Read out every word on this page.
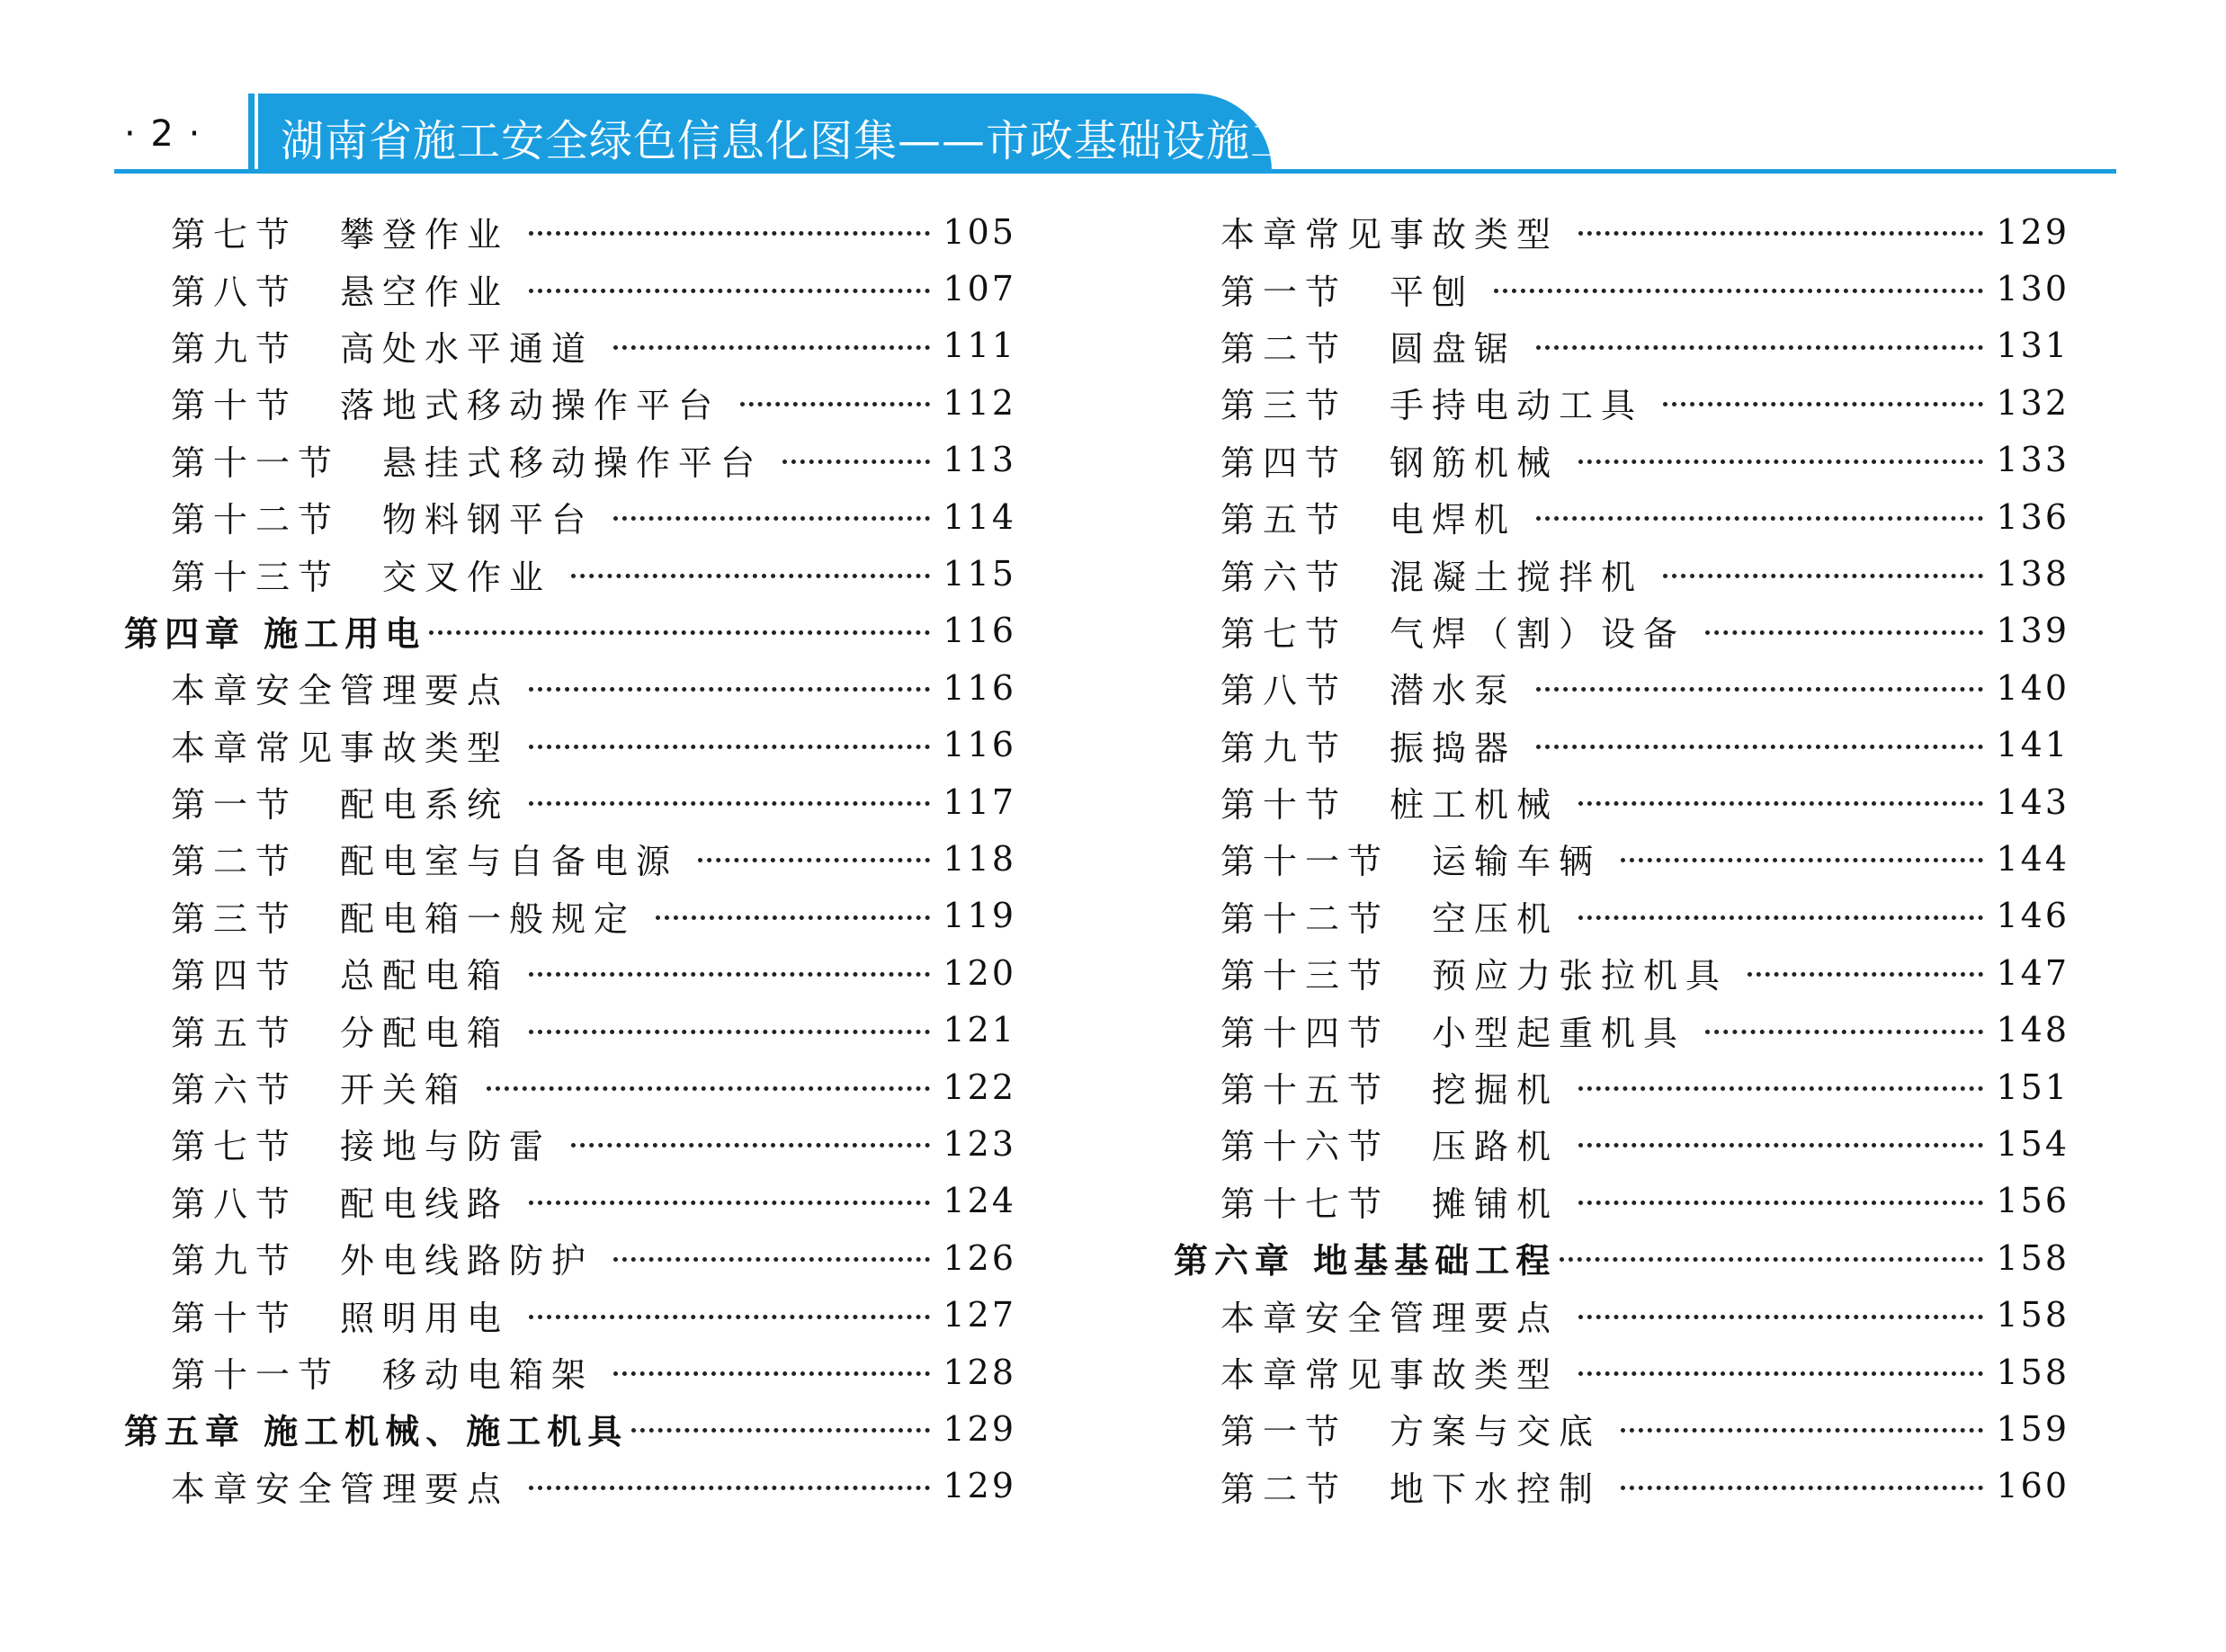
· 2 · 湖南省施工安全绿色信息化图集——市政基础设施工程
第七节　攀登作业	105
第八节　悬空作业	107
第九节　高处水平通道	111
第十节　落地式移动操作平台	112
第十一节　悬挂式移动操作平台	113
第十二节　物料钢平台	114
第十三节　交叉作业	115
第四章 施工用电	116
本章安全管理要点	116
本章常见事故类型	116
第一节　配电系统	117
第二节　配电室与自备电源	118
第三节　配电箱一般规定	119
第四节　总配电箱	120
第五节　分配电箱	121
第六节　开关箱	122
第七节　接地与防雷	123
第八节　配电线路	124
第九节　外电线路防护	126
第十节　照明用电	127
第十一节　移动电箱架	128
第五章 施工机械、施工机具	129
本章安全管理要点	129
本章常见事故类型	129
第一节　平刨	130
第二节　圆盘锯	131
第三节　手持电动工具	132
第四节　钢筋机械	133
第五节　电焊机	136
第六节　混凝土搅拌机	138
第七节　气焊（割）设备	139
第八节　潜水泵	140
第九节　振捣器	141
第十节　桩工机械	143
第十一节　运输车辆	144
第十二节　空压机	146
第十三节　预应力张拉机具	147
第十四节　小型起重机具	148
第十五节　挖掘机	151
第十六节　压路机	154
第十七节　摊铺机	156
第六章 地基基础工程	158
本章安全管理要点	158
本章常见事故类型	158
第一节　方案与交底	159
第二节　地下水控制	160
